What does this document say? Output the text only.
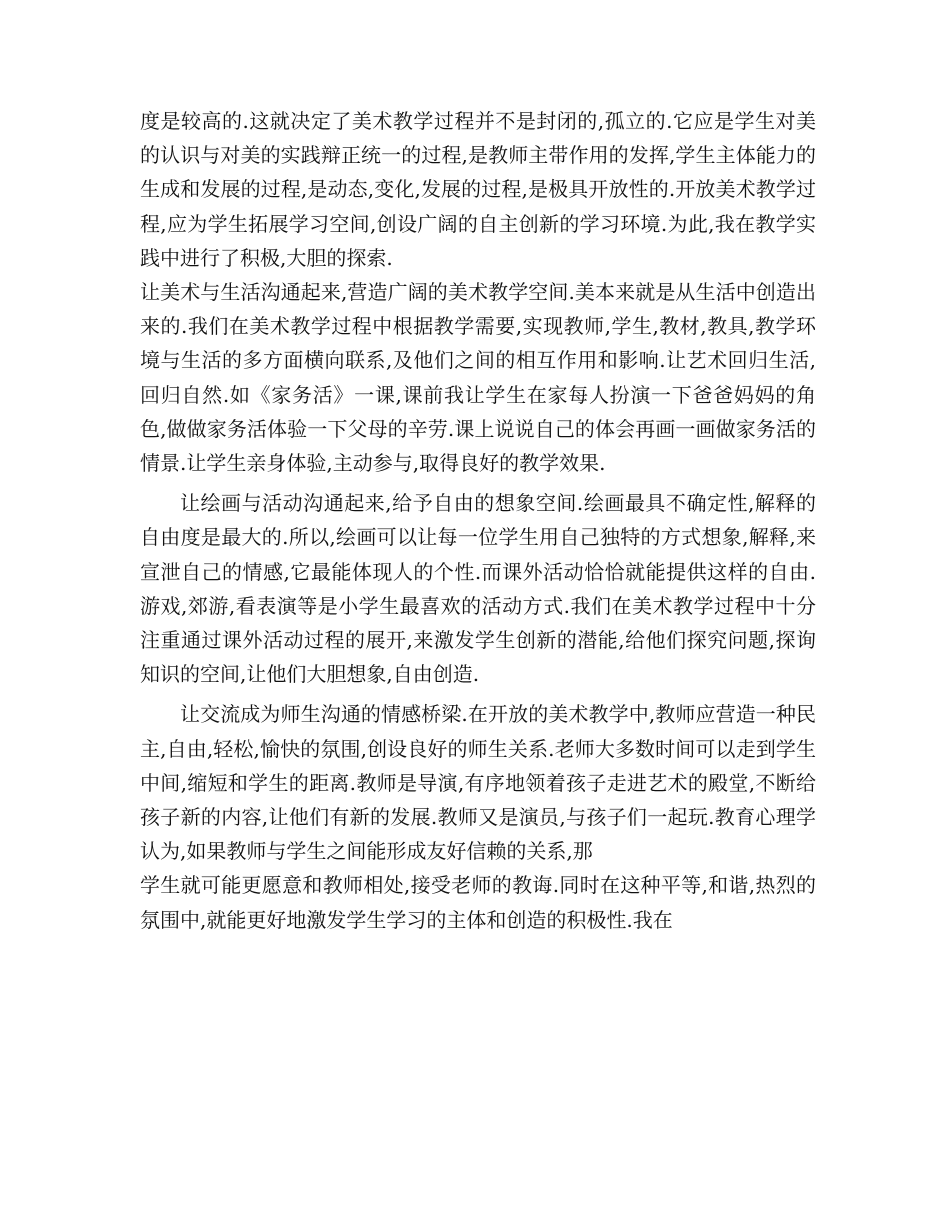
度是较高的.这就决定了美术教学过程并不是封闭的,孤立的.它应是学生对美的认识与对美的实践辩正统一的过程,是教师主带作用的发挥,学生主体能力的生成和发展的过程,是动态,变化,发展的过程,是极具开放性的.开放美术教学过程,应为学生拓展学习空间,创设广阔的自主创新的学习环境.为此,我在教学实践中进行了积极,大胆的探索.

让美术与生活沟通起来,营造广阔的美术教学空间.美本来就是从生活中创造出来的.我们在美术教学过程中根据教学需要,实现教师,学生,教材,教具,教学环境与生活的多方面横向联系,及他们之间的相互作用和影响.让艺术回归生活,回归自然.如《家务活》一课,课前我让学生在家每人扮演一下爸爸妈妈的角色,做做家务活体验一下父母的辛劳.课上说说自己的体会再画一画做家务活的情景.让学生亲身体验,主动参与,取得良好的教学效果.

让绘画与活动沟通起来,给予自由的想象空间.绘画最具不确定性,解释的自由度是最大的.所以,绘画可以让每一位学生用自己独特的方式想象,解释,来宣泄自己的情感,它最能体现人的个性.而课外活动恰恰就能提供这样的自由.游戏,郊游,看表演等是小学生最喜欢的活动方式.我们在美术教学过程中十分注重通过课外活动过程的展开,来激发学生创新的潜能,给他们探究问题,探询知识的空间,让他们大胆想象,自由创造.

让交流成为师生沟通的情感桥梁.在开放的美术教学中,教师应营造一种民主,自由,轻松,愉快的氛围,创设良好的师生关系.老师大多数时间可以走到学生中间,缩短和学生的距离.教师是导演,有序地领着孩子走进艺术的殿堂,不断给孩子新的内容,让他们有新的发展.教师又是演员,与孩子们一起玩.教育心理学认为,如果教师与学生之间能形成友好信赖的关系,那

学生就可能更愿意和教师相处,接受老师的教诲.同时在这种平等,和谐,热烈的氛围中,就能更好地激发学生学习的主体和创造的积极性.我在
